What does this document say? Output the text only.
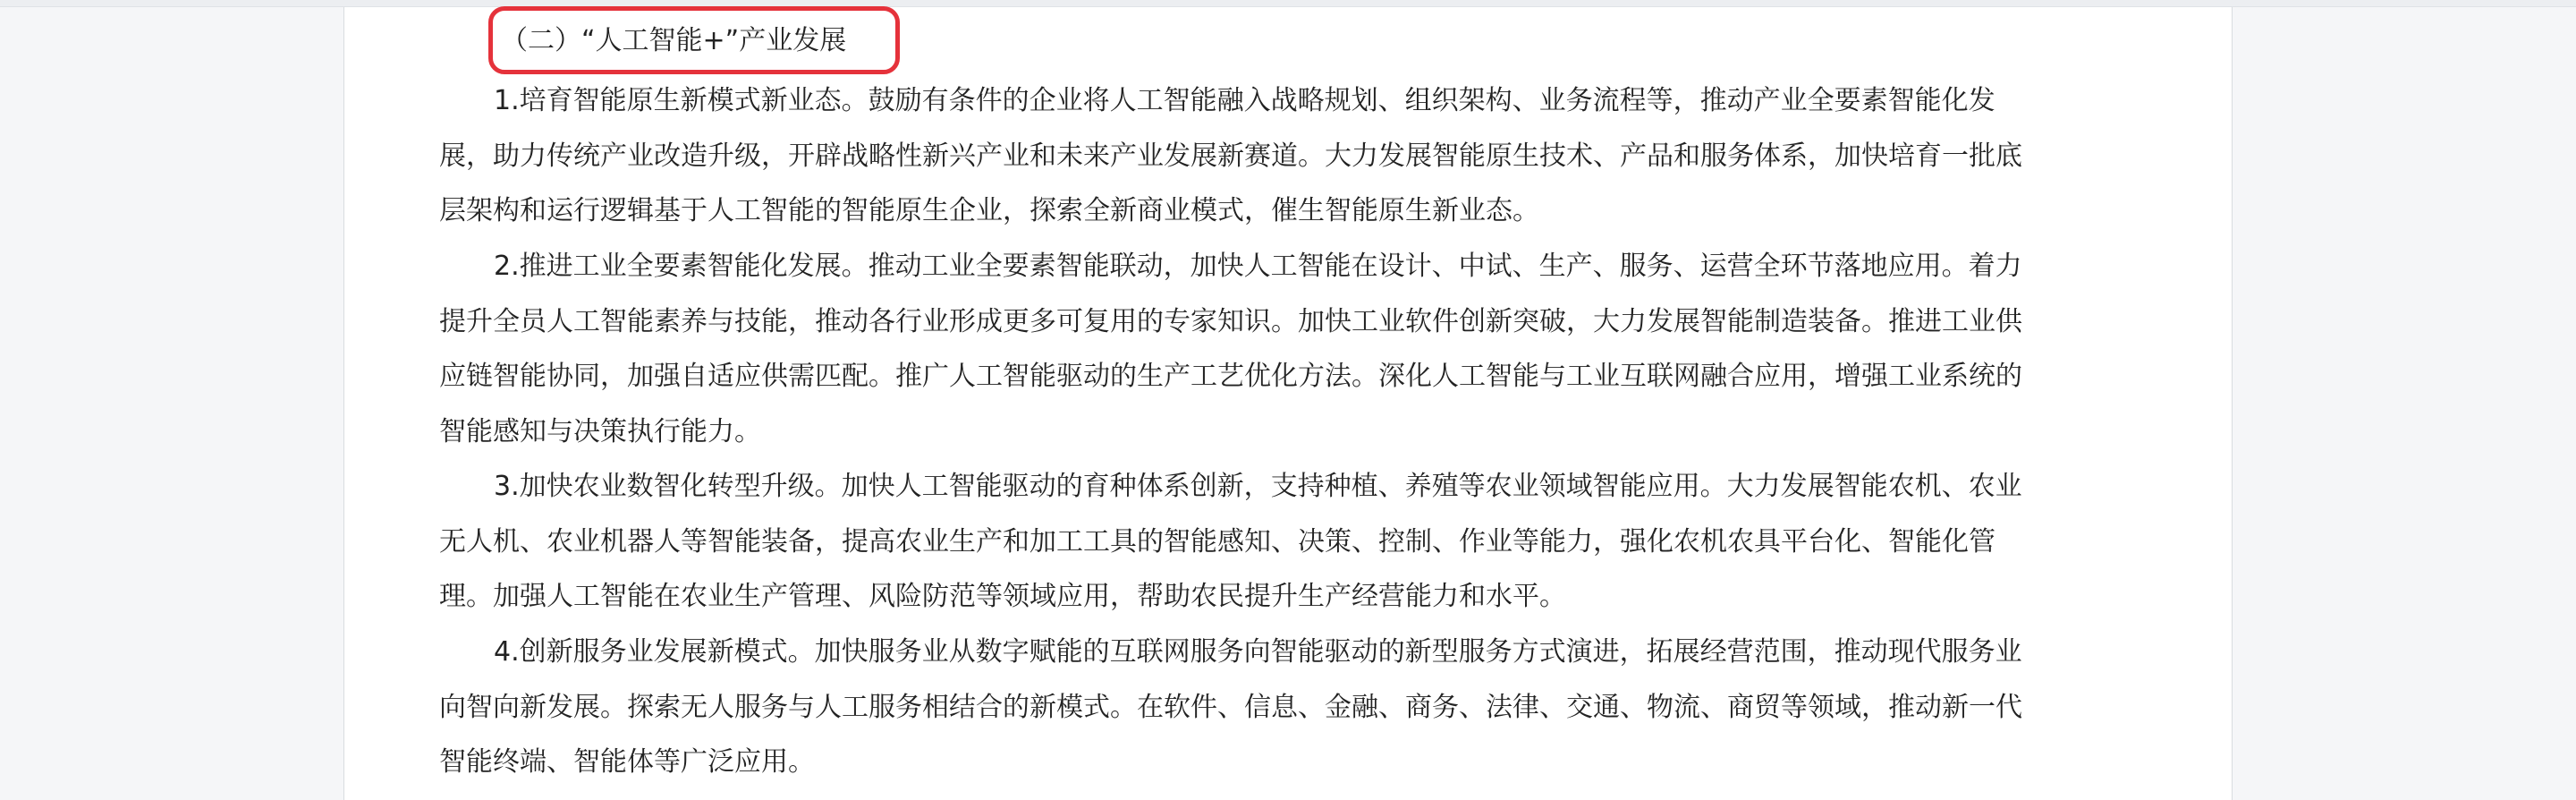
（二）“人工智能+”产业发展
1.培育智能原生新模式新业态。鼓励有条件的企业将人工智能融入战略规划、组织架构、业务流程等，推动产业全要素智能化发
展，助力传统产业改造升级，开辟战略性新兴产业和未来产业发展新赛道。大力发展智能原生技术、产品和服务体系，加快培育一批底
层架构和运行逻辑基于人工智能的智能原生企业，探索全新商业模式，催生智能原生新业态。
2.推进工业全要素智能化发展。推动工业全要素智能联动，加快人工智能在设计、中试、生产、服务、运营全环节落地应用。着力
提升全员人工智能素养与技能，推动各行业形成更多可复用的专家知识。加快工业软件创新突破，大力发展智能制造装备。推进工业供
应链智能协同，加强自适应供需匹配。推广人工智能驱动的生产工艺优化方法。深化人工智能与工业互联网融合应用，增强工业系统的
智能感知与决策执行能力。
3.加快农业数智化转型升级。加快人工智能驱动的育种体系创新，支持种植、养殖等农业领域智能应用。大力发展智能农机、农业
无人机、农业机器人等智能装备，提高农业生产和加工工具的智能感知、决策、控制、作业等能力，强化农机农具平台化、智能化管
理。加强人工智能在农业生产管理、风险防范等领域应用，帮助农民提升生产经营能力和水平。
4.创新服务业发展新模式。加快服务业从数字赋能的互联网服务向智能驱动的新型服务方式演进，拓展经营范围，推动现代服务业
向智向新发展。探索无人服务与人工服务相结合的新模式。在软件、信息、金融、商务、法律、交通、物流、商贸等领域，推动新一代
智能终端、智能体等广泛应用。
